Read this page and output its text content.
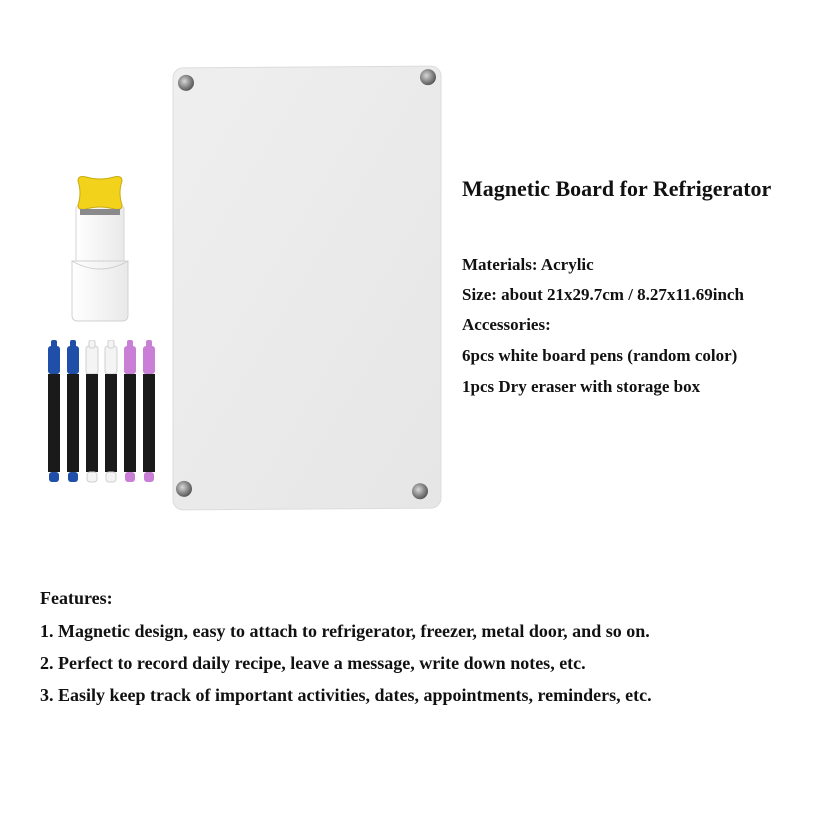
Magnetic Board for Refrigerator
Materials: Acrylic
Size: about 21x29.7cm / 8.27x11.69inch
Accessories:
6pcs white board pens (random color)
1pcs Dry eraser with storage box
Features:
1. Magnetic design, easy to attach to refrigerator, freezer, metal door, and so on.
2. Perfect to record daily recipe, leave a message, write down notes, etc.
3. Easily keep track of important activities, dates, appointments, reminders, etc.
